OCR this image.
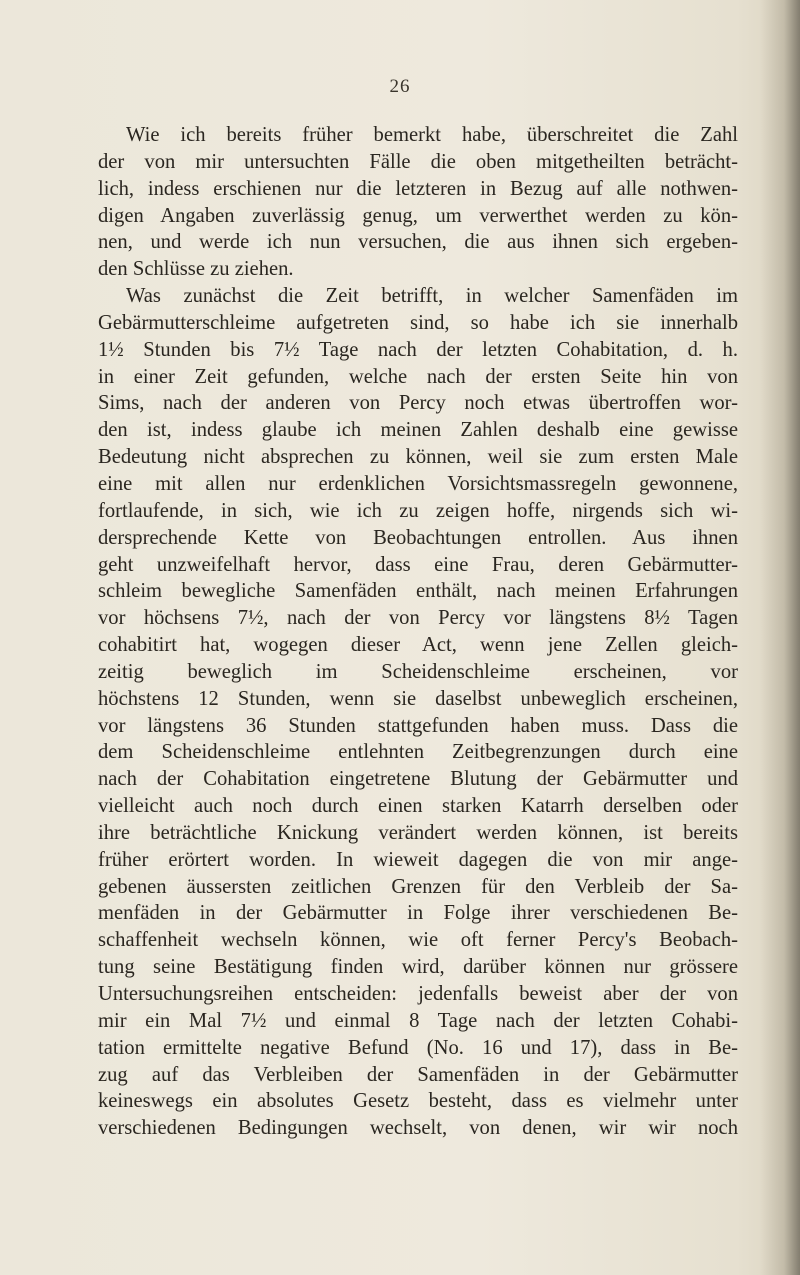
26
Wie ich bereits früher bemerkt habe, überschreitet die Zahl
der von mir untersuchten Fälle die oben mitgetheilten beträcht-
lich, indess erschienen nur die letzteren in Bezug auf alle nothwen-
digen Angaben zuverlässig genug, um verwerthet werden zu kön-
nen, und werde ich nun versuchen, die aus ihnen sich ergeben-
den Schlüsse zu ziehen.
Was zunächst die Zeit betrifft, in welcher Samenfäden im
Gebärmutterschleime aufgetreten sind, so habe ich sie innerhalb
1½ Stunden bis 7½ Tage nach der letzten Cohabitation, d. h.
in einer Zeit gefunden, welche nach der ersten Seite hin von
Sims, nach der anderen von Percy noch etwas übertroffen wor-
den ist, indess glaube ich meinen Zahlen deshalb eine gewisse
Bedeutung nicht absprechen zu können, weil sie zum ersten Male
eine mit allen nur erdenklichen Vorsichtsmassregeln gewonnene,
fortlaufende, in sich, wie ich zu zeigen hoffe, nirgends sich wi-
dersprechende Kette von Beobachtungen entrollen. Aus ihnen
geht unzweifelhaft hervor, dass eine Frau, deren Gebärmutter-
schleim bewegliche Samenfäden enthält, nach meinen Erfahrungen
vor höchsens 7½, nach der von Percy vor längstens 8½ Tagen
cohabitirt hat, wogegen dieser Act, wenn jene Zellen gleich-
zeitig beweglich im Scheidenschleime erscheinen, vor
höchstens 12 Stunden, wenn sie daselbst unbeweglich erscheinen,
vor längstens 36 Stunden stattgefunden haben muss. Dass die
dem Scheidenschleime entlehnten Zeitbegrenzungen durch eine
nach der Cohabitation eingetretene Blutung der Gebärmutter und
vielleicht auch noch durch einen starken Katarrh derselben oder
ihre beträchtliche Knickung verändert werden können, ist bereits
früher erörtert worden. In wieweit dagegen die von mir ange-
gebenen äussersten zeitlichen Grenzen für den Verbleib der Sa-
menfäden in der Gebärmutter in Folge ihrer verschiedenen Be-
schaffenheit wechseln können, wie oft ferner Percy's Beobach-
tung seine Bestätigung finden wird, darüber können nur grössere
Untersuchungsreihen entscheiden: jedenfalls beweist aber der von
mir ein Mal 7½ und einmal 8 Tage nach der letzten Cohabi-
tation ermittelte negative Befund (No. 16 und 17), dass in Be-
zug auf das Verbleiben der Samenfäden in der Gebärmutter
keineswegs ein absolutes Gesetz besteht, dass es vielmehr unter
verschiedenen Bedingungen wechselt, von denen, wir wir noch
